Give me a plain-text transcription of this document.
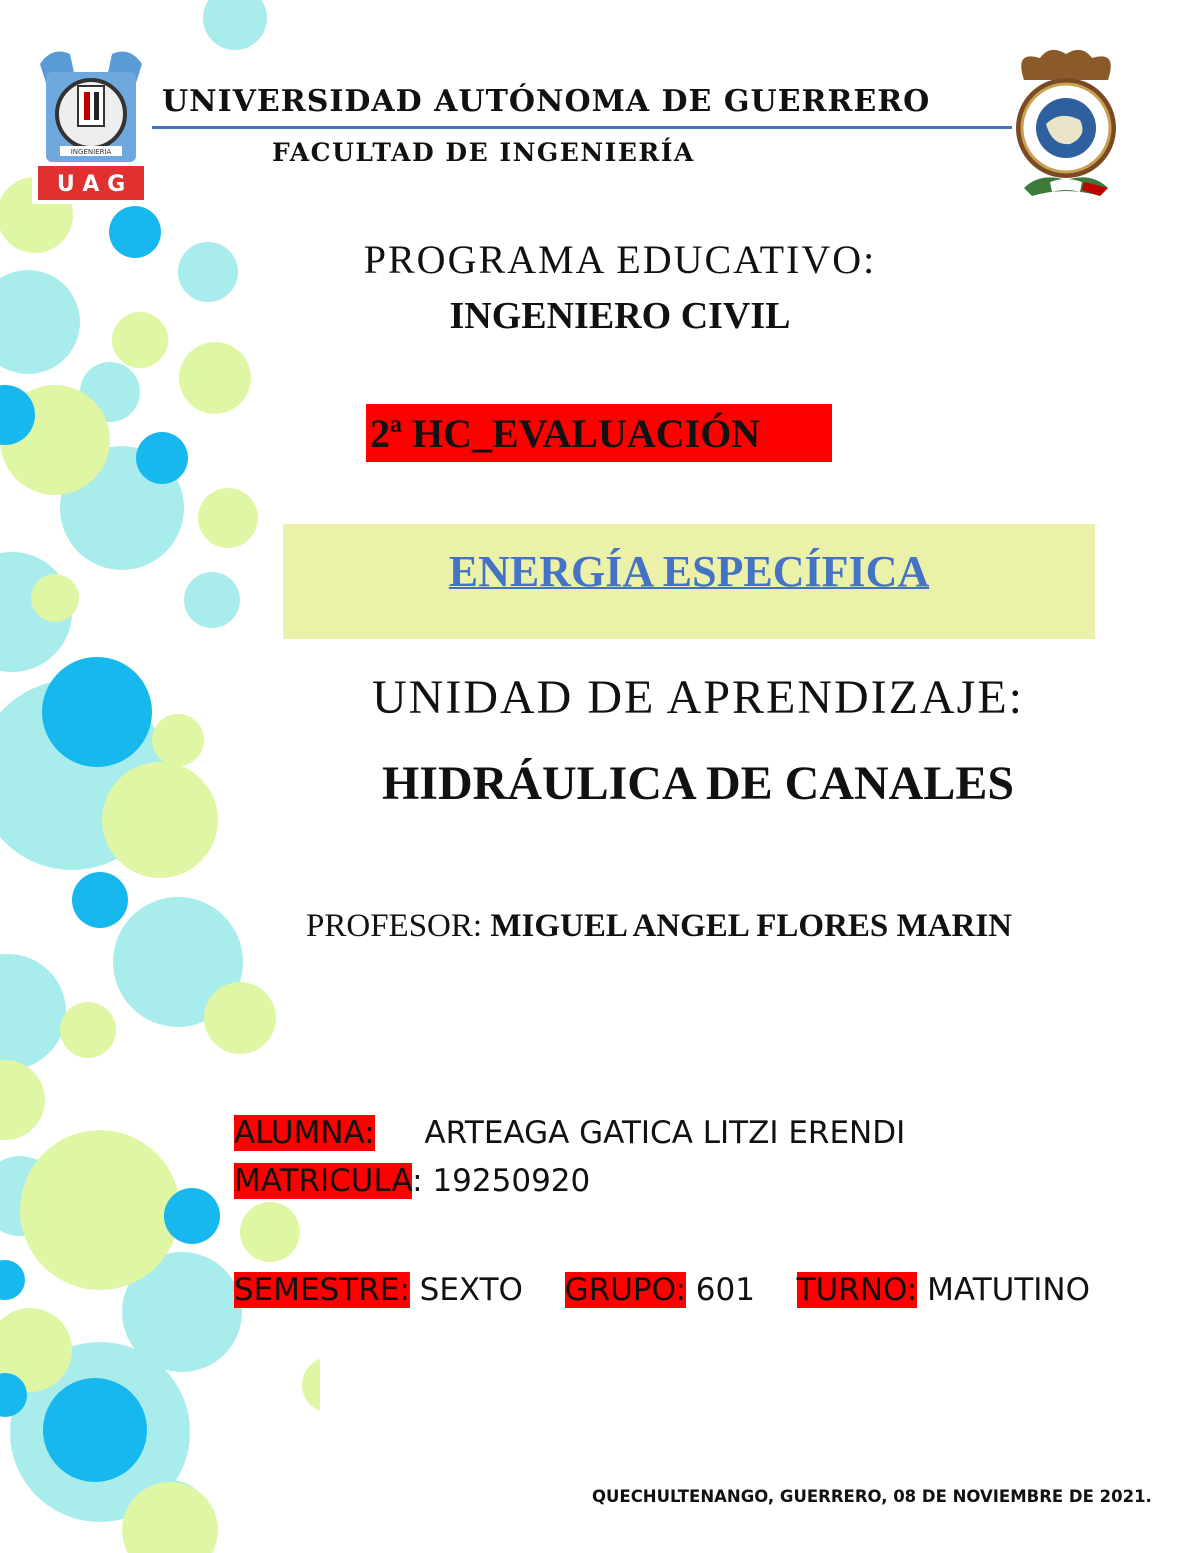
INGENIERIA
U A G
UNIVERSIDAD AUTÓNOMA DE GUERRERO
FACULTAD DE INGENIERÍA
PROGRAMA EDUCATIVO:
INGENIERO CIVIL
2ª HC_EVALUACIÓN
ENERGÍA ESPECÍFICA
UNIDAD DE APRENDIZAJE:
HIDRÁULICA DE CANALES
PROFESOR: MIGUEL ANGEL FLORES MARIN
ALUMNA: ARTEAGA GATICA LITZI ERENDI
MATRICULA: 19250920
SEMESTRE: SEXTO GRUPO: 601 TURNO: MATUTINO
QUECHULTENANGO, GUERRERO, 08 DE NOVIEMBRE DE 2021.
